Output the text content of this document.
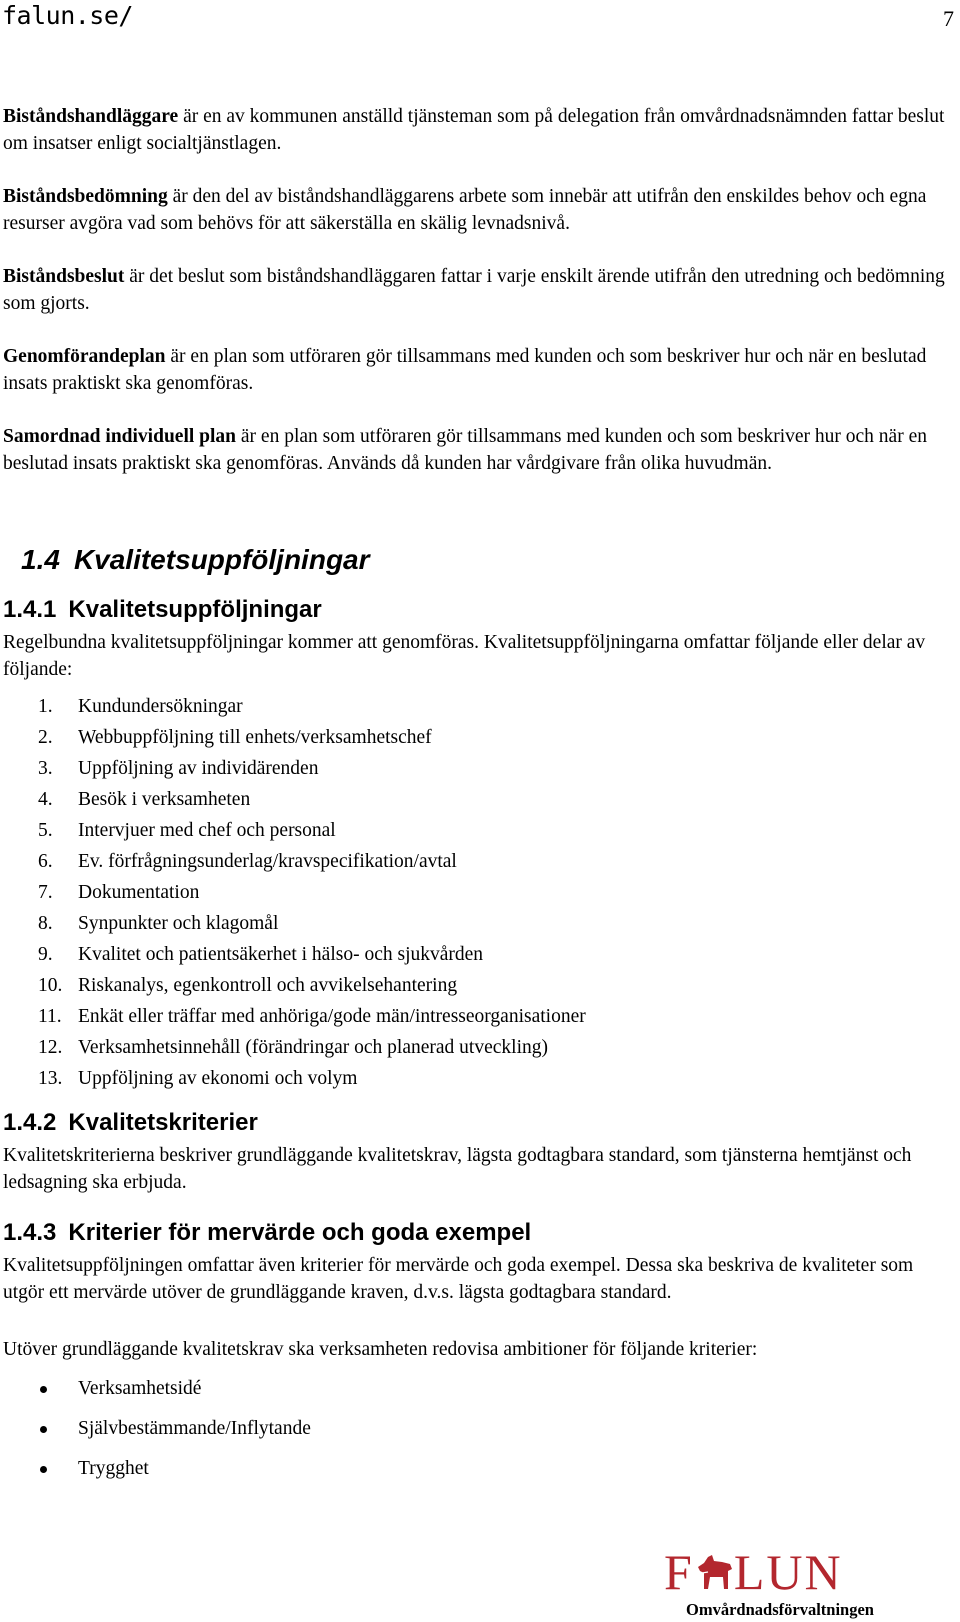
falun.se/	7

Biståndshandläggare är en av kommunen anställd tjänsteman som på delegation från omvårdnadsnämnden fattar beslut om insatser enligt socialtjänstlagen.

Biståndsbedömning är den del av biståndshandläggarens arbete som innebär att utifrån den enskildes behov och egna resurser avgöra vad som behövs för att säkerställa en skälig levnadsnivå.

Biståndsbeslut är det beslut som biståndshandläggaren fattar i varje enskilt ärende utifrån den utredning och bedömning som gjorts.

Genomförandeplan är en plan som utföraren gör tillsammans med kunden och som beskriver hur och när en beslutad insats praktiskt ska genomföras.

Samordnad individuell plan är en plan som utföraren gör tillsammans med kunden och som beskriver hur och när en beslutad insats praktiskt ska genomföras. Används då kunden har vårdgivare från olika huvudmän.

1.4 Kvalitetsuppföljningar
1.4.1 Kvalitetsuppföljningar

Regelbundna kvalitetsuppföljningar kommer att genomföras. Kvalitetsuppföljningarna omfattar följande eller delar av följande:

1. Kundundersökningar
2. Webbuppföljning till enhets/verksamhetschef
3. Uppföljning av individärenden
4. Besök i verksamheten
5. Intervjuer med chef och personal
6. Ev. förfrågningsunderlag/kravspecifikation/avtal
7. Dokumentation
8. Synpunkter och klagomål
9. Kvalitet och patientsäkerhet i hälso- och sjukvården
10. Riskanalys, egenkontroll och avvikelsehantering
11. Enkät eller träffar med anhöriga/gode män/intresseorganisationer
12. Verksamhetsinnehåll (förändringar och planerad utveckling)
13. Uppföljning av ekonomi och volym
1.4.2 Kvalitetskriterier

Kvalitetskriterierna beskriver grundläggande kvalitetskrav, lägsta godtagbara standard, som tjänsterna hemtjänst och ledsagning ska erbjuda.

1.4.3 Kriterier för mervärde och goda exempel

Kvalitetsuppföljningen omfattar även kriterier för mervärde och goda exempel. Dessa ska beskriva de kvaliteter som utgör ett mervärde utöver de grundläggande kraven, d.v.s. lägsta godtagbara standard.

Utöver grundläggande kvalitetskrav ska verksamheten redovisa ambitioner för följande kriterier:

Verksamhetsidé
Självbestämmande/Inflytande
Trygghet
F LUN
Omvårdnadsförvaltningen
